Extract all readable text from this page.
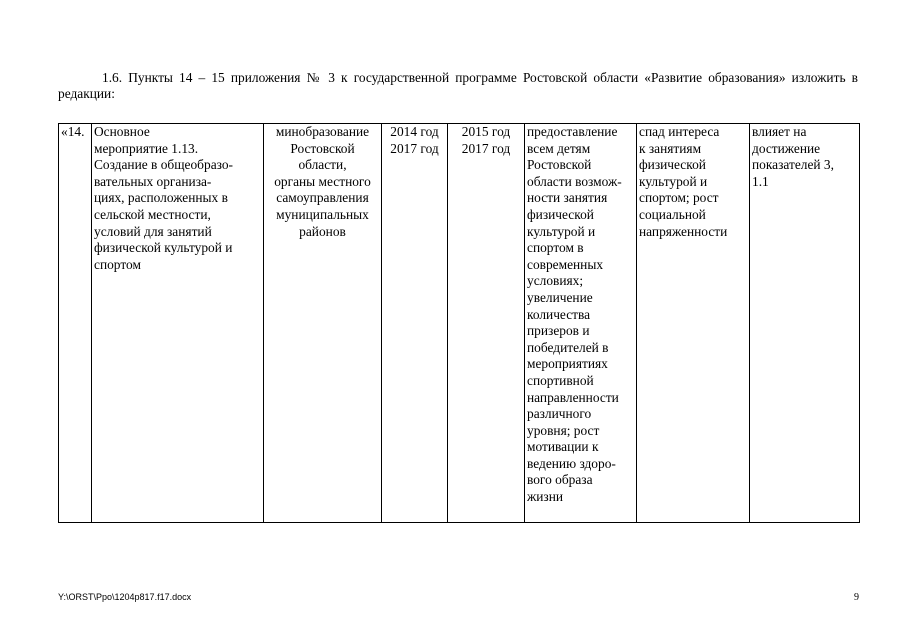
1.6. Пункты 14 – 15 приложения № 3 к государственной программе Ростовской области «Развитие образования» изложить в редакции:
«14.	Основное
мероприятие 1.13.
Создание в общеобразо-
вательных организа-
циях, расположенных в
сельской местности,
условий для занятий
физической культурой и
спортом	минобразование
Ростовской
области,
органы местного
самоуправления
муниципальных
районов	2014 год
2017 год	2015 год
2017 год	предоставление
всем детям
Ростовской
области возмож-
ности занятия
физической
культурой и
спортом в
современных
условиях;
увеличение
количества
призеров и
победителей в
мероприятиях
спортивной
направленности
различного
уровня; рост
мотивации к
ведению здоро-
вого образа
жизни	спад интереса
к занятиям
физической
культурой и
спортом; рост
социальной
напряженности	влияет на
достижение
показателей 3,
1.1
Y:\ORST\Ppo\1204p817.f17.docx	9
